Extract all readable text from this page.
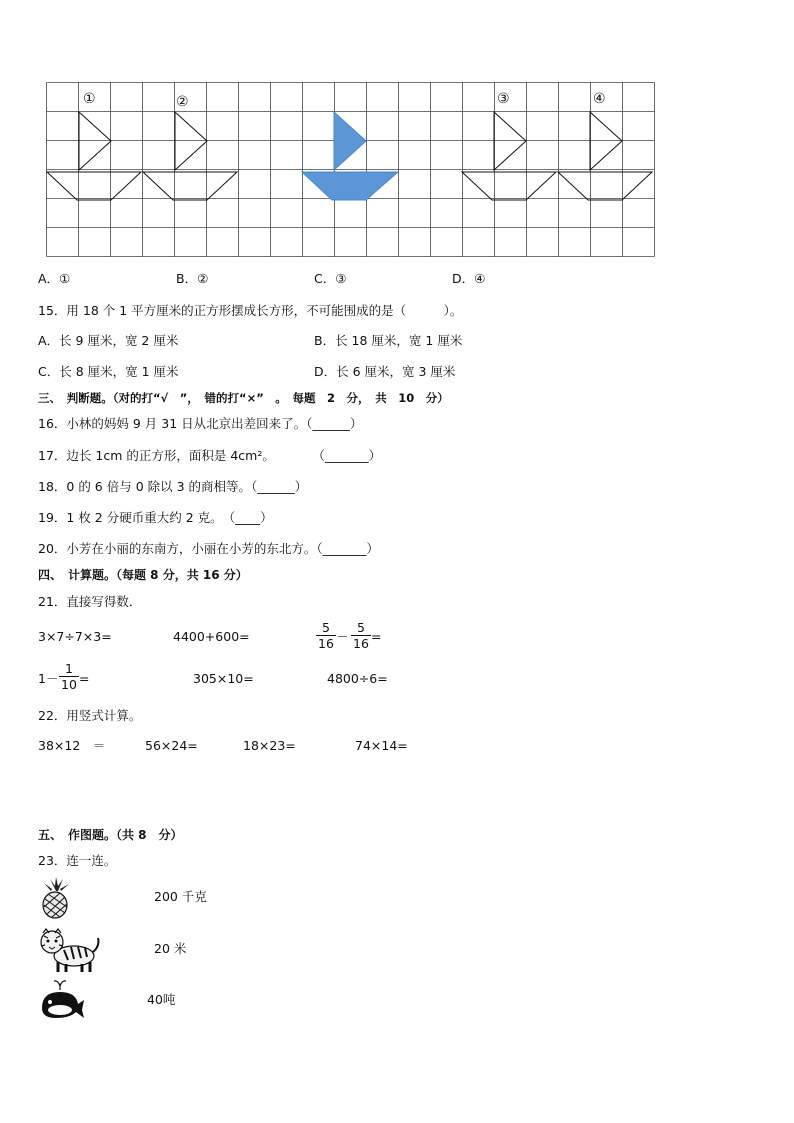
①	②	③	④
A．①	B．②	C．③	D．④
15．用 18 个 1 平方厘米的正方形摆成长方形，不可能围成的是（　　　）。
A．长 9 厘米，宽 2 厘米	B．长 18 厘米，宽 1 厘米
C．长 8 厘米，宽 1 厘米	D．长 6 厘米，宽 3 厘米
三、　判断题。（对的打“√　”，　错的打“×”　。　每题　2　分，　共　10　分）
16．小林的妈妈 9 月 31 日从北京出差回来了。（______）
17．边长 1cm 的正方形，面积是 4cm²。　　　　（_______）
18．0 的 6 倍与 0 除以 3 的商相等。（______）
19．1 枚 2 分硬币重大约 2 克。　（____）
20．小芳在小丽的东南方，小丽在小芳的东北方。（_______）
四、　计算题。（每题 8 分，共 16 分）
21．直接写得数．
3×7÷7×3=	4400+600=	$\frac{5}{16} - \frac{5}{16}$ =
$1- \frac{1}{10}$ =	305×10=	4800÷6=
22．用竖式计算。
38×12　＝	56×24=	18×23=	74×14=
五、　作图题。（共 8　分）
23．连一连。
200 千克
20 米
40吨
